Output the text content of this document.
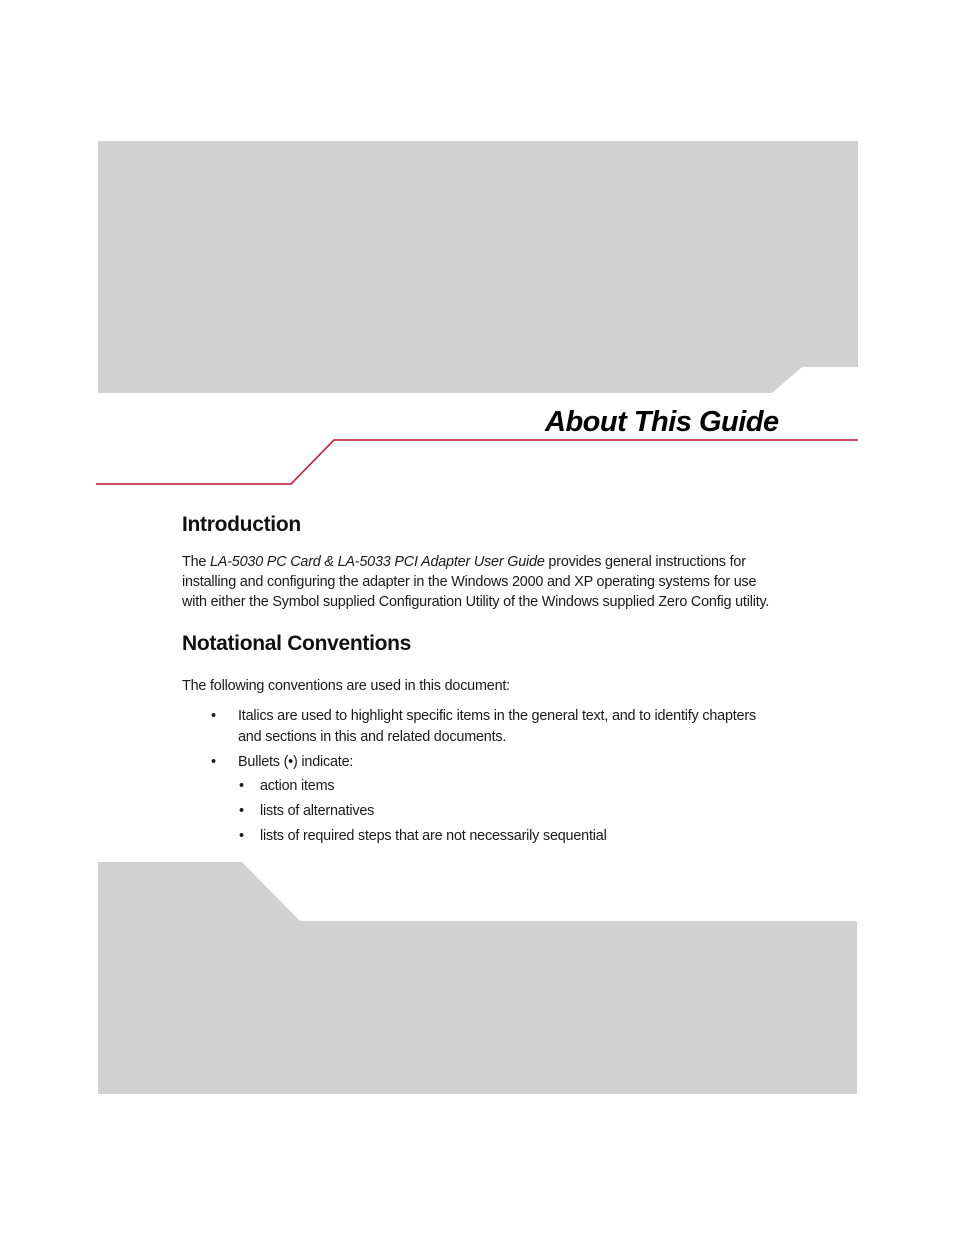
About This Guide
Introduction

The LA-5030 PC Card & LA-5033 PCI Adapter User Guide provides general instructions for installing and configuring the adapter in the Windows 2000 and XP operating systems for use with either the Symbol supplied Configuration Utility of the Windows supplied Zero Config utility.

Notational Conventions

The following conventions are used in this document:

• Italics are used to highlight specific items in the general text, and to identify chapters and sections in this and related documents.
• Bullets (•) indicate:
• action items
• lists of alternatives
• lists of required steps that are not necessarily sequential
